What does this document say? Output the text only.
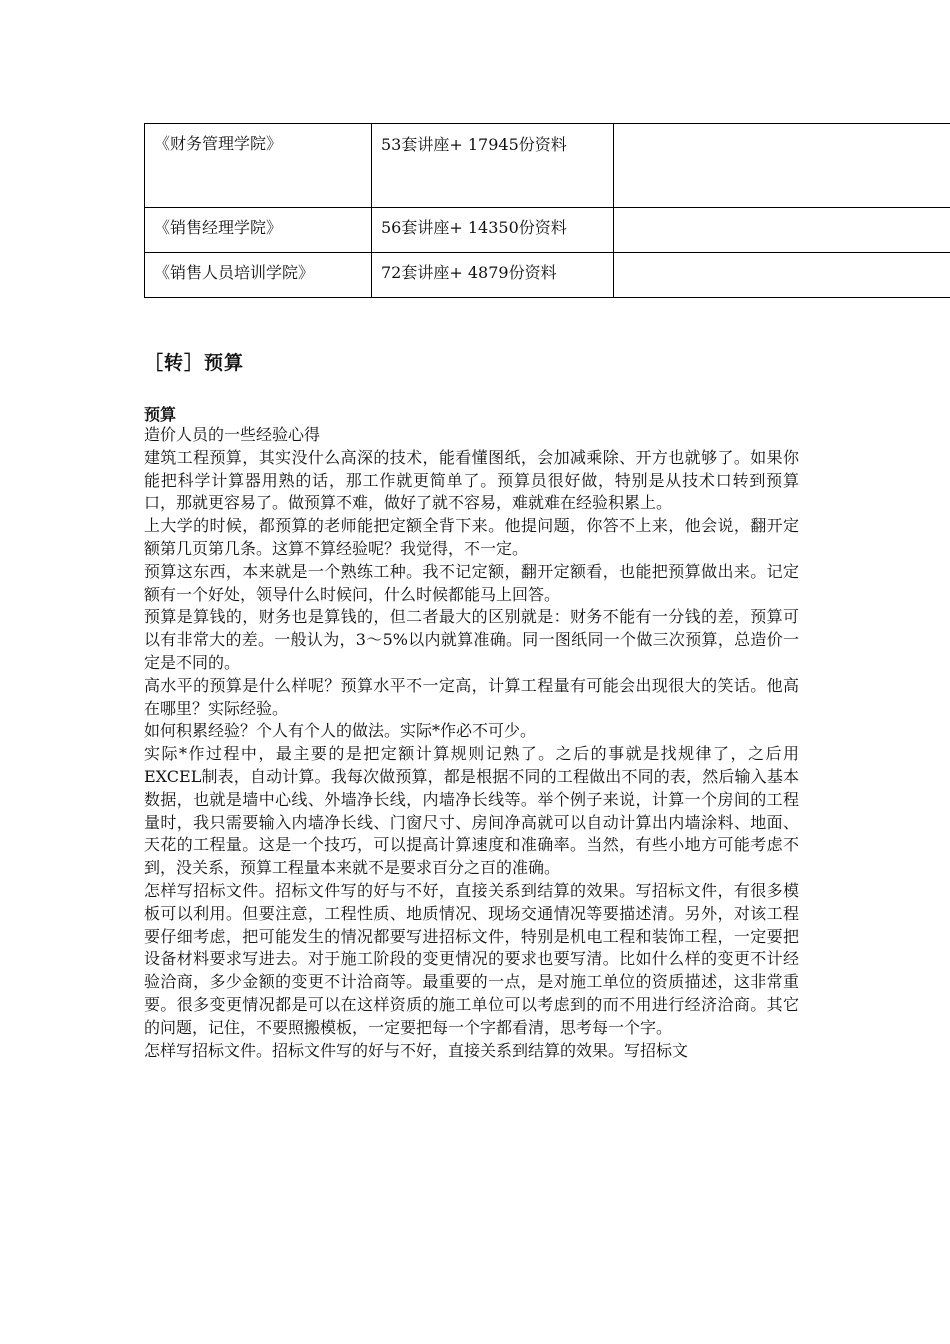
《财务管理学院》	53套讲座+ 17945份资料	
《销售经理学院》	56套讲座+ 14350份资料	
《销售人员培训学院》	72套讲座+ 4879份资料	
［转］预算
预算

造价人员的一些经验心得

建筑工程预算，其实没什么高深的技术，能看懂图纸，会加减乘除、开方也就够了。如果你能把科学计算器用熟的话，那工作就更简单了。预算员很好做，特别是从技术口转到预算口，那就更容易了。做预算不难，做好了就不容易，难就难在经验积累上。

上大学的时候，都预算的老师能把定额全背下来。他提问题，你答不上来，他会说，翻开定额第几页第几条。这算不算经验呢？我觉得，不一定。

预算这东西，本来就是一个熟练工种。我不记定额，翻开定额看，也能把预算做出来。记定额有一个好处，领导什么时候问，什么时候都能马上回答。

预算是算钱的，财务也是算钱的，但二者最大的区别就是：财务不能有一分钱的差，预算可以有非常大的差。一般认为，3～5%以内就算准确。同一图纸同一个做三次预算，总造价一定是不同的。

高水平的预算是什么样呢？预算水平不一定高，计算工程量有可能会出现很大的笑话。他高在哪里？实际经验。

如何积累经验？个人有个人的做法。实际*作必不可少。

实际*作过程中，最主要的是把定额计算规则记熟了。之后的事就是找规律了，之后用EXCEL制表，自动计算。我每次做预算，都是根据不同的工程做出不同的表，然后输入基本数据，也就是墙中心线、外墙净长线，内墙净长线等。举个例子来说，计算一个房间的工程量时，我只需要输入内墙净长线、门窗尺寸、房间净高就可以自动计算出内墙涂料、地面、天花的工程量。这是一个技巧，可以提高计算速度和准确率。当然，有些小地方可能考虑不到，没关系，预算工程量本来就不是要求百分之百的准确。

怎样写招标文件。招标文件写的好与不好，直接关系到结算的效果。写招标文件，有很多模板可以利用。但要注意，工程性质、地质情况、现场交通情况等要描述清。另外，对该工程要仔细考虑，把可能发生的情况都要写进招标文件，特别是机电工程和装饰工程，一定要把设备材料要求写进去。对于施工阶段的变更情况的要求也要写清。比如什么样的变更不计经验洽商，多少金额的变更不计洽商等。最重要的一点，是对施工单位的资质描述，这非常重要。很多变更情况都是可以在这样资质的施工单位可以考虑到的而不用进行经济洽商。其它的问题，记住，不要照搬模板，一定要把每一个字都看清，思考每一个字。

怎样写招标文件。招标文件写的好与不好，直接关系到结算的效果。写招标文
